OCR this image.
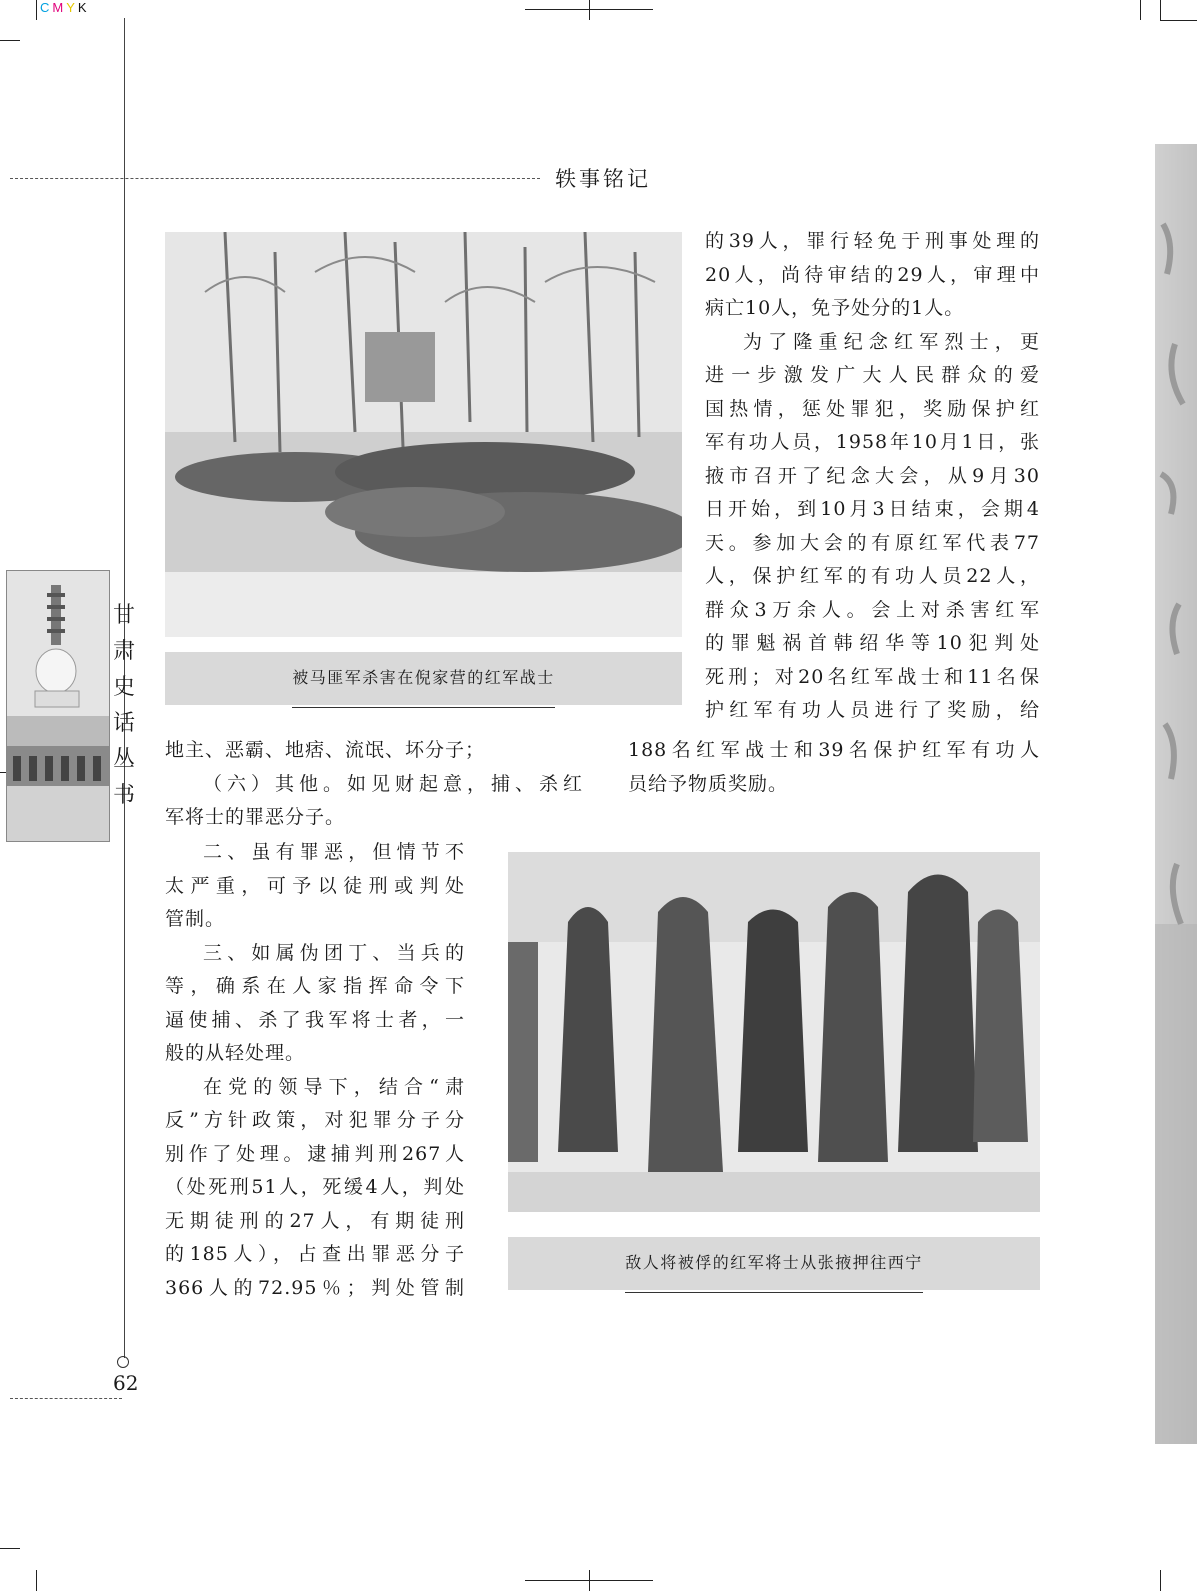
C M Y K
轶事铭记
甘
肃
史
话
丛
书
62
被马匪军杀害在倪家营的红军战士
敌人将被俘的红军将士从张掖押往西宁

的39人，罪行轻免于刑事处理的

20人，尚待审结的29人，审理中

病亡10人，免予处分的1人。

为了隆重纪念红军烈士，更

进一步激发广大人民群众的爱

国热情，惩处罪犯，奖励保护红

军有功人员，1958年10月1日，张

掖市召开了纪念大会，从9月30

日开始，到10月3日结束，会期4

天。参加大会的有原红军代表77

人，保护红军的有功人员22人，

群众3万余人。会上对杀害红军

的罪魁祸首韩绍华等10犯判处

死刑；对20名红军战士和11名保

护红军有功人员进行了奖励，给

188名红军战士和39名保护红军有功人

员给予物质奖励。

地主、恶霸、地痞、流氓、坏分子；

（六）其他。如见财起意，捕、杀红

军将士的罪恶分子。

二、虽有罪恶，但情节不

太严重，可予以徒刑或判处

管制。

三、如属伪团丁、当兵的

等，确系在人家指挥命令下

逼使捕、杀了我军将士者，一

般的从轻处理。

在党的领导下，结合“肃

反”方针政策，对犯罪分子分

别作了处理。逮捕判刑267人

（处死刑51人，死缓4人，判处

无期徒刑的27人，有期徒刑

的185人），占查出罪恶分子

366人的72.95％；判处管制
